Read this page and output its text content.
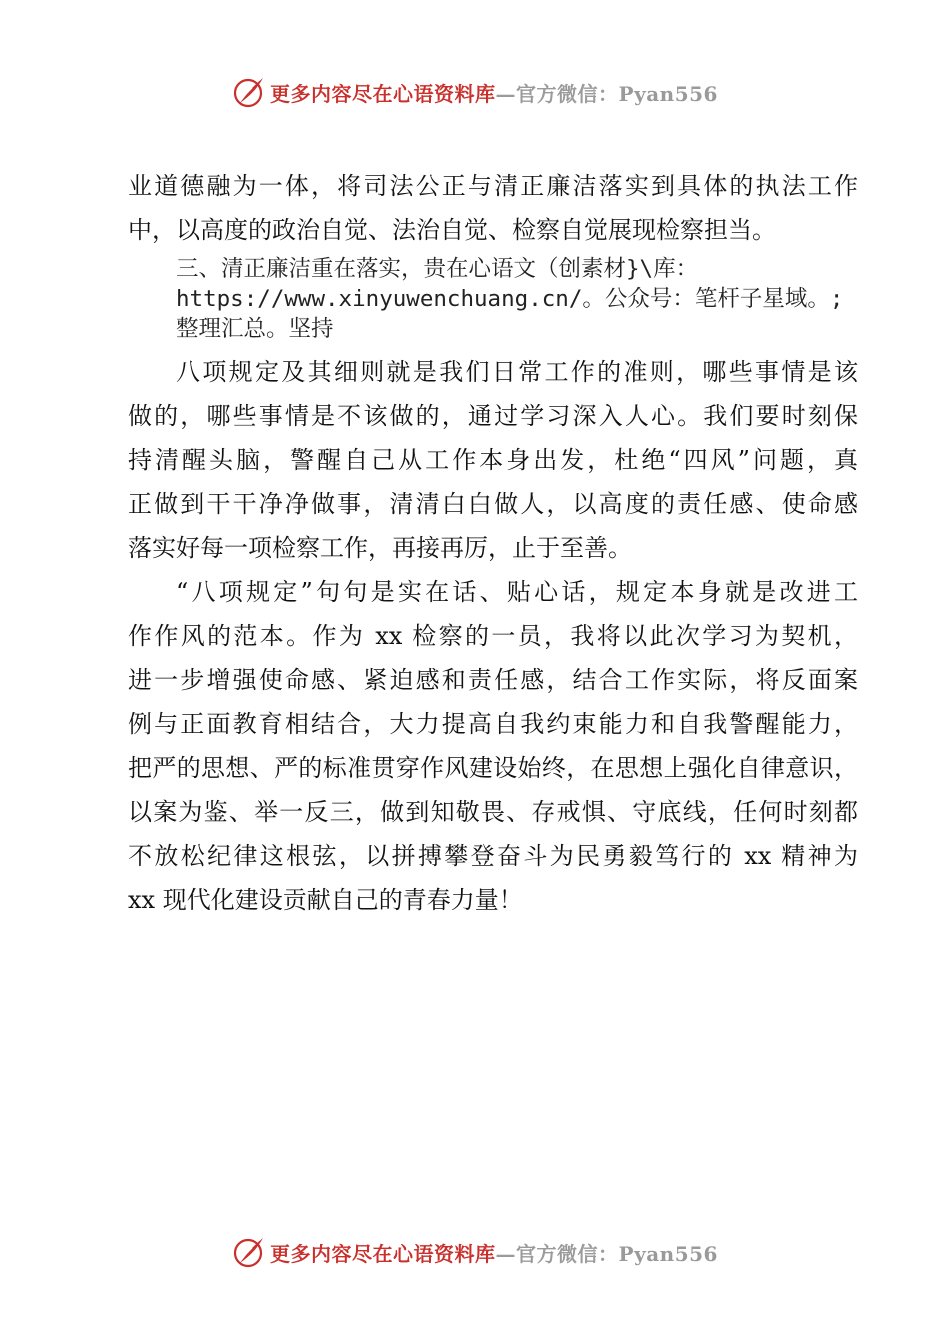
更多内容尽在心语资料库—官方微信：Pyan556
业道德融为一体，将司法公正与清正廉洁落实到具体的执法工作
中，以高度的政治自觉、法治自觉、检察自觉展现检察担当。
三、清正廉洁重在落实，贵在心语文（创素材}\库：
https://www.xinyuwenchuang.cn/。公众号：笔杆子星域。;
整理汇总。坚持
八项规定及其细则就是我们日常工作的准则，哪些事情是该
做的，哪些事情是不该做的，通过学习深入人心。我们要时刻保
持清醒头脑，警醒自己从工作本身出发，杜绝“四风”问题，真
正做到干干净净做事，清清白白做人，以高度的责任感、使命感
落实好每一项检察工作，再接再厉，止于至善。
“八项规定”句句是实在话、贴心话，规定本身就是改进工
作作风的范本。作为 xx 检察的一员，我将以此次学习为契机，
进一步增强使命感、紧迫感和责任感，结合工作实际，将反面案
例与正面教育相结合，大力提高自我约束能力和自我警醒能力，
把严的思想、严的标准贯穿作风建设始终，在思想上强化自律意识，
以案为鉴、举一反三，做到知敬畏、存戒惧、守底线，任何时刻都
不放松纪律这根弦，以拼搏攀登奋斗为民勇毅笃行的 xx 精神为
xx 现代化建设贡献自己的青春力量！
更多内容尽在心语资料库—官方微信：Pyan556
